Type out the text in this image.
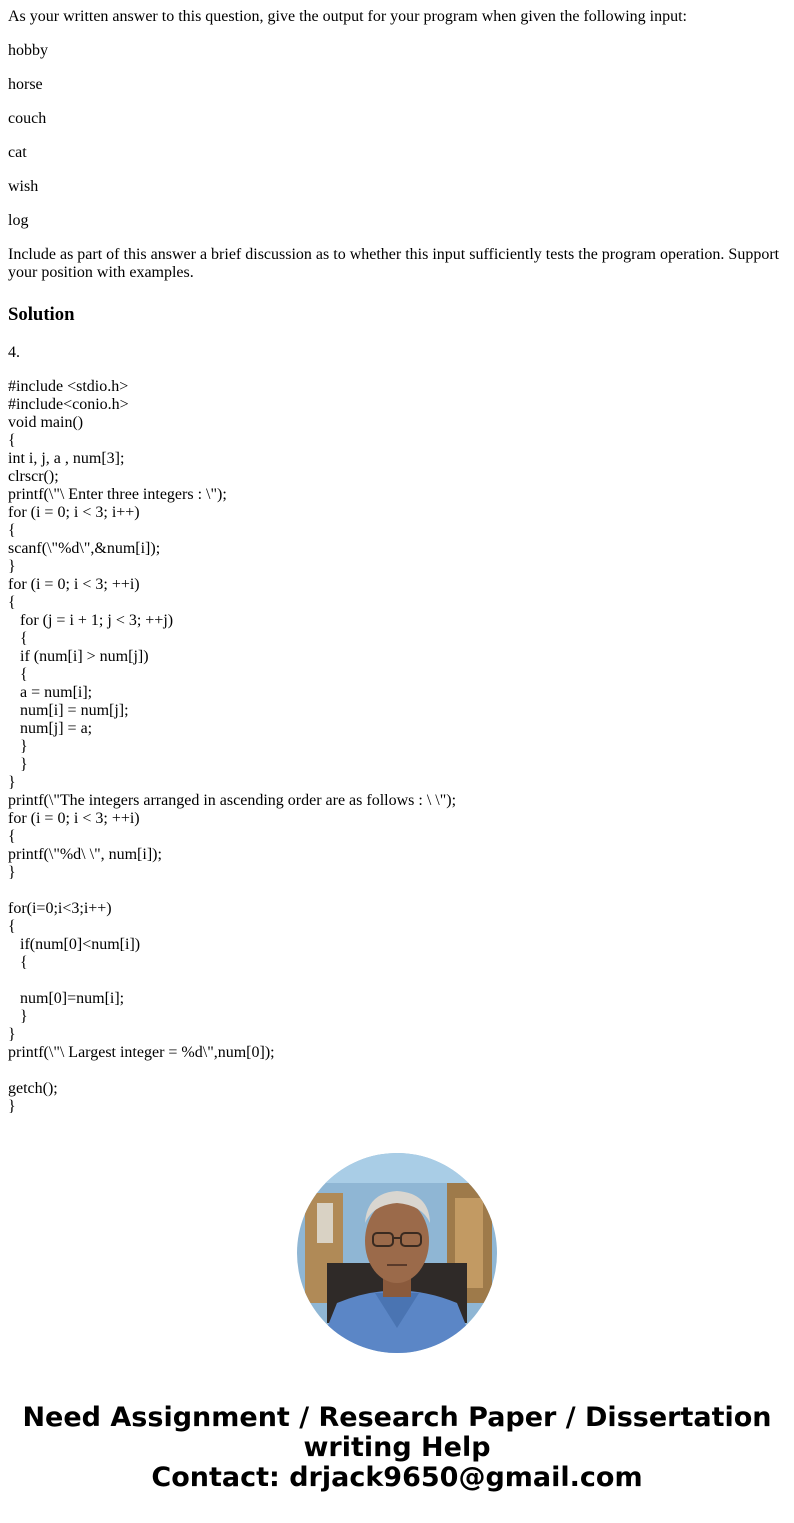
As your written answer to this question, give the output for your program when given the following input:

hobby

horse

couch

cat

wish

log

Include as part of this answer a brief discussion as to whether this input sufficiently tests the program operation. Support your position with examples.

Solution

4.

#include <stdio.h>
#include<conio.h>
void main()
{
int i, j, a , num[3];
clrscr();
printf(\"\ Enter three integers : \");
for (i = 0; i < 3; i++)
{
scanf(\"%d\",&num[i]);
}
for (i = 0; i < 3; ++i)
{
for (j = i + 1; j < 3; ++j)
{
if (num[i] > num[j])
{
a = num[i];
num[i] = num[j];
num[j] = a;
}
}
}
printf(\"The integers arranged in ascending order are as follows : \ \");
for (i = 0; i < 3; ++i)
{
printf(\"%d\ \", num[i]);
}
for(i=0;i<3;i++)
{
if(num[0]<num[i])
{
num[0]=num[i];
}
}
printf(\"\ Largest integer = %d\",num[0]);
getch();
}
Need Assignment / Research Paper / Dissertation
writing Help
Contact: drjack9650@gmail.com
